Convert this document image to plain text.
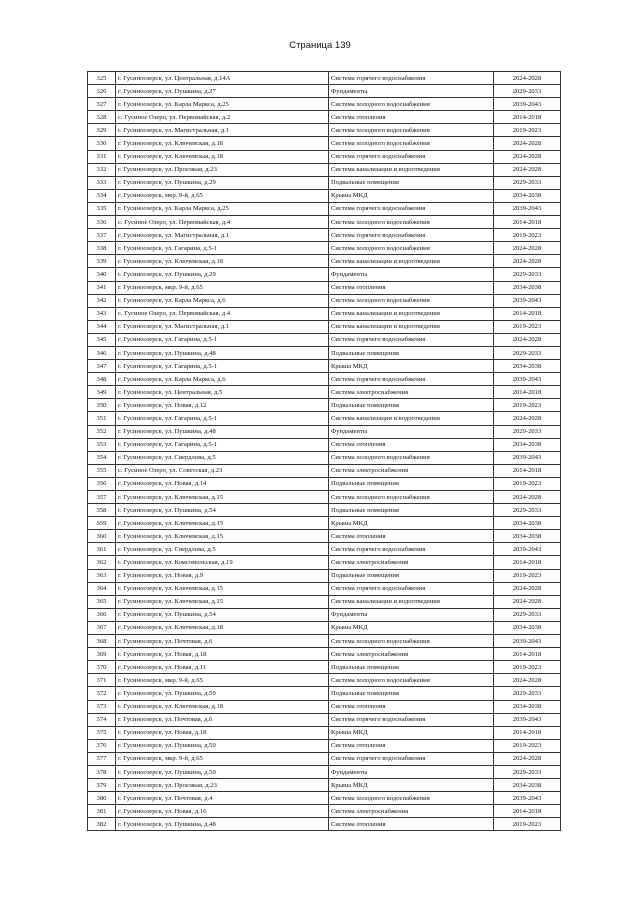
Страница 139
325	г. Гусиноозерск, ул. Центральная, д.14А	Система горячего водоснабжения	2024-2028
326	г. Гусиноозерск, ул. Пушкина, д.27	Фундаменты	2029-2033
327	г. Гусиноозерск, ул. Карла Маркса, д.25	Система холодного водоснабжения	2039-2043
328	с. Гусиное Озеро, ул. Первомайская, д.2	Система отопления	2014-2018
329	г. Гусиноозерск, ул. Магистральная, д.1	Система холодного водоснабжения	2019-2023
330	г. Гусиноозерск, ул. Ключевская, д.18	Система холодного водоснабжения	2024-2028
331	г. Гусиноозерск, ул. Ключевская, д.18	Система горячего водоснабжения	2024-2028
332	г. Гусиноозерск, ул. Проезжая, д.23	Система канализации и водоотведения	2024-2028
333	г. Гусиноозерск, ул. Пушкина, д.29	Подвальные помещения	2029-2033
334	г. Гусиноозерск, мкр. 9-й, д.65	Крыша МКД	2034-2038
335	г. Гусиноозерск, ул. Карла Маркса, д.25	Система горячего водоснабжения	2039-2043
336	с. Гусиное Озеро, ул. Первомайская, д.4	Система холодного водоснабжения	2014-2018
337	г. Гусиноозерск, ул. Магистральная, д.1	Система горячего водоснабжения	2019-2023
338	г. Гусиноозерск, ул. Гагарина, д.5-1	Система холодного водоснабжения	2024-2028
339	г. Гусиноозерск, ул. Ключевская, д.18	Система канализации и водоотведения	2024-2028
340	г. Гусиноозерск, ул. Пушкина, д.29	Фундаменты	2029-2033
341	г. Гусиноозерск, мкр. 9-й, д.65	Система отопления	2034-2038
342	г. Гусиноозерск, ул. Карла Маркса, д.6	Система холодного водоснабжения	2039-2043
343	с. Гусиное Озеро, ул. Первомайская, д.4	Система канализации и водоотведения	2014-2018
344	г. Гусиноозерск, ул. Магистральная, д.1	Система канализации и водоотведения	2019-2023
345	г. Гусиноозерск, ул. Гагарина, д.5-1	Система горячего водоснабжения	2024-2028
346	г. Гусиноозерск, ул. Пушкина, д.48	Подвальные помещения	2029-2033
347	г. Гусиноозерск, ул. Гагарина, д.5-1	Крыша МКД	2034-2038
348	г. Гусиноозерск, ул. Карла Маркса, д.6	Система горячего водоснабжения	2039-2043
349	г. Гусиноозерск, ул. Центральная, д.5	Система электроснабжения	2014-2018
350	г. Гусиноозерск, ул. Новая, д.12	Подвальные помещения	2019-2023
351	г. Гусиноозерск, ул. Гагарина, д.5-1	Система канализации и водоотведения	2024-2028
352	г. Гусиноозерск, ул. Пушкина, д.48	Фундаменты	2029-2033
353	г. Гусиноозерск, ул. Гагарина, д.5-1	Система отопления	2034-2038
354	г. Гусиноозерск, ул. Свердлова, д.5	Система холодного водоснабжения	2039-2043
355	с. Гусиное Озеро, ул. Советская, д.23	Система электроснабжения	2014-2018
356	г. Гусиноозерск, ул. Новая, д.14	Подвальные помещения	2019-2023
357	г. Гусиноозерск, ул. Ключевская, д.15	Система холодного водоснабжения	2024-2028
358	г. Гусиноозерск, ул. Пушкина, д.54	Подвальные помещения	2029-2033
359	г. Гусиноозерск, ул. Ключевская, д.15	Крыша МКД	2034-2038
360	г. Гусиноозерск, ул. Ключевская, д.15	Система отопления	2034-2038
361	г. Гусиноозерск, ул. Свердлова, д.5	Система горячего водоснабжения	2039-2043
362	г. Гусиноозерск, ул. Комсомольская, д.19	Система электроснабжения	2014-2018
363	г. Гусиноозерск, ул. Новая, д.9	Подвальные помещения	2019-2023
364	г. Гусиноозерск, ул. Ключевская, д.15	Система горячего водоснабжения	2024-2028
365	г. Гусиноозерск, ул. Ключевская, д.15	Система канализации и водоотведения	2024-2028
366	г. Гусиноозерск, ул. Пушкина, д.54	Фундаменты	2029-2033
367	г. Гусиноозерск, ул. Ключевская, д.18	Крыша МКД	2034-2038
368	г. Гусиноозерск, ул. Почтовая, д.6	Система холодного водоснабжения	2039-2043
369	г. Гусиноозерск, ул. Новая, д.18	Система электроснабжения	2014-2018
370	г. Гусиноозерск, ул. Новая, д.11	Подвальные помещения	2019-2023
371	г. Гусиноозерск, мкр. 9-й, д.65	Система холодного водоснабжения	2024-2028
372	г. Гусиноозерск, ул. Пушкина, д.50	Подвальные помещения	2029-2033
373	г. Гусиноозерск, ул. Ключевская, д.18	Система отопления	2034-2038
374	г. Гусиноозерск, ул. Почтовая, д.6	Система горячего водоснабжения	2039-2043
375	г. Гусиноозерск, ул. Новая, д.18	Крыша МКД	2014-2018
376	г. Гусиноозерск, ул. Пушкина, д.50	Система отопления	2019-2023
377	г. Гусиноозерск, мкр. 9-й, д.65	Система горячего водоснабжения	2024-2028
378	г. Гусиноозерск, ул. Пушкина, д.50	Фундаменты	2029-2033
379	г. Гусиноозерск, ул. Проезжая, д.23	Крыша МКД	2034-2038
380	г. Гусиноозерск, ул. Почтовая, д.4	Система холодного водоснабжения	2039-2043
381	г. Гусиноозерск, ул. Новая, д.16	Система электроснабжения	2014-2018
382	г. Гусиноозерск, ул. Пушкина, д.48	Система отопления	2019-2023
